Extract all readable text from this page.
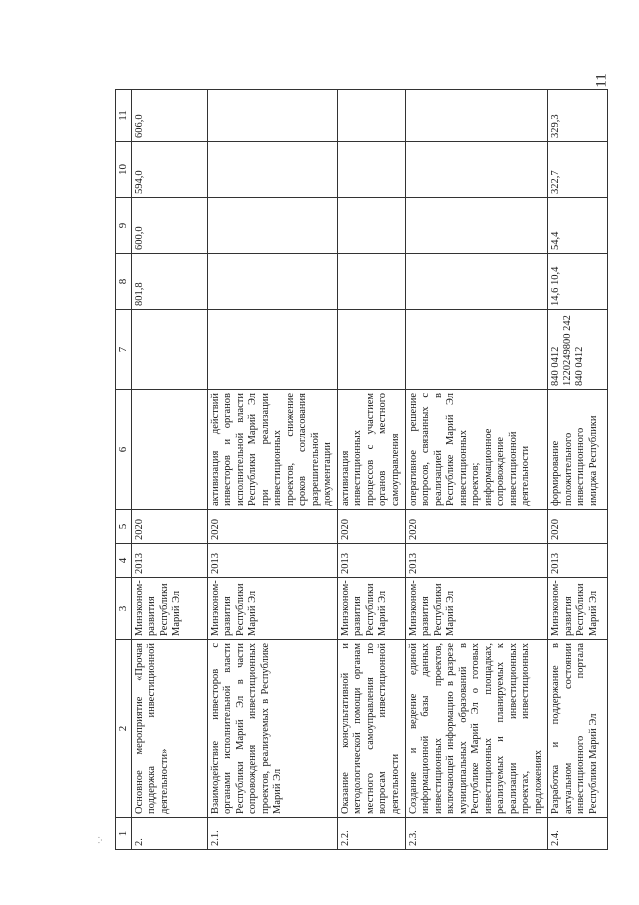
11
·.·
1	2	3	4	5	6	7	8	9	10	11
2.	Основное мероприятие «Прочая поддержка инвестиционной деятельности»	Минэконом-развития Республики Марий Эл	2013	2020			801,8	600,0	594,0	606,0
2.1.	Взаимодействие инвесторов с органами исполнительной власти Республики Марий Эл в части сопровождения инвестиционных проектов, реализуемых в Республике Марий Эл	Минэконом-развития Республики Марий Эл	2013	2020	активизация действий инвесторов и органов исполнительной власти Республики Марий Эл при реализации инвестиционных проектов, снижение сроков согласования разрешительной документации					
2.2.	Оказание консультативной и методологической помощи органам местного самоуправления по вопросам инвестиционной деятельности	Минэконом-развития Республики Марий Эл	2013	2020	активизация инвестиционных процессов с участием органов местного самоуправления					
2.3.	Создание и ведение единой информационной базы данных инвестиционных проектов, включающей информацию в разрезе муниципальных образований в Республике Марий Эл о готовых инвестиционных площадках, реализуемых и планируемых к реализации инвестиционных проектах, инвестиционных предложениях	Минэконом-развития Республики Марий Эл	2013	2020	оперативное решение вопросов, связанных с реализацией в Республике Марий Эл инвестиционных проектов; информационное сопровождение инвестиционной деятельности					
2.4.	Разработка и поддержание в актуальном состоянии инвестиционного портала Республики Марий Эл	Минэконом-развития Республики Марий Эл	2013	2020	формирование положительного инвестиционного имиджа Республики	840 0412 1220249800 242 840 0412	14,6 10,4	54,4	322,7	329,3
